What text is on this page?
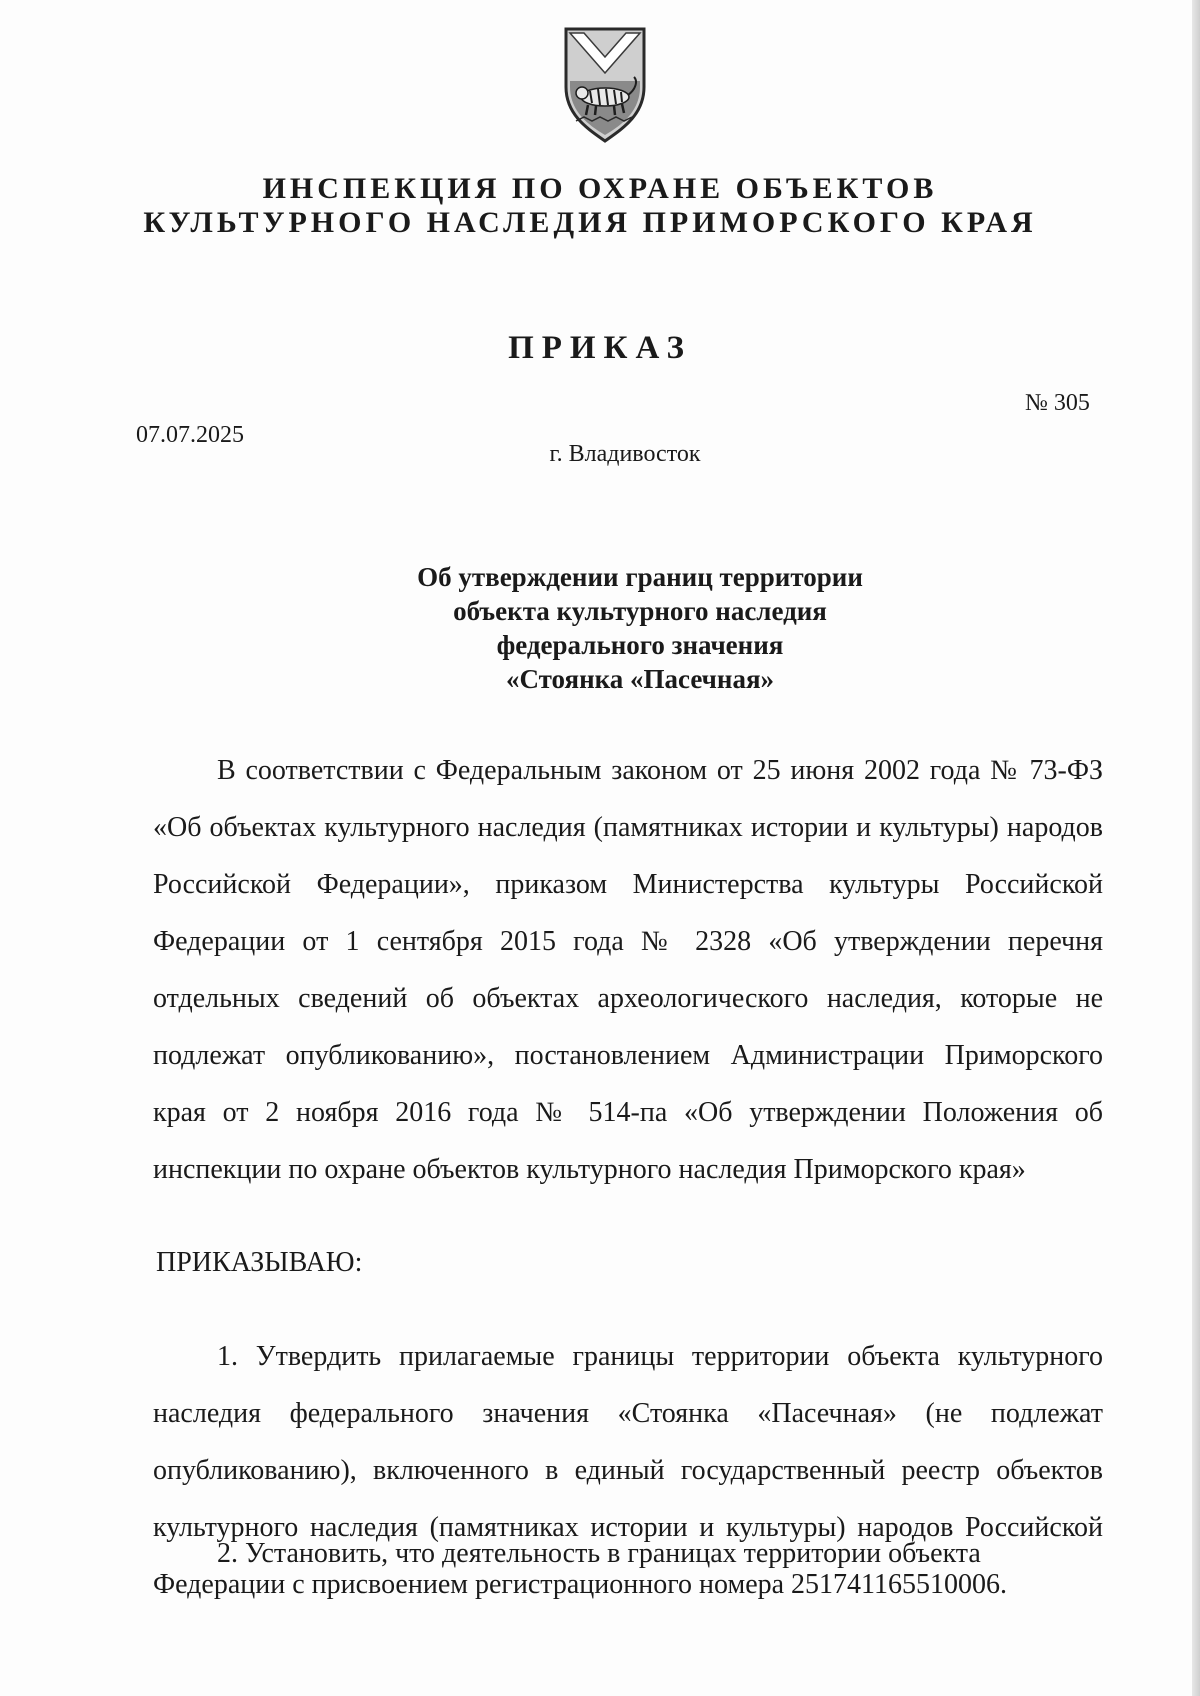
ИНСПЕКЦИЯ ПО ОХРАНЕ ОБЪЕКТОВ
КУЛЬТУРНОГО НАСЛЕДИЯ ПРИМОРСКОГО КРАЯ
ПРИКАЗ
07.07.2025
№ 305
г. Владивосток
Об утверждении границ территории
объекта культурного наследия
федерального значения
«Стоянка «Пасечная»

В соответствии с Федеральным законом от 25 июня 2002 года № 73-ФЗ «Об объектах культурного наследия (памятниках истории и культуры) народов Российской Федерации», приказом Министерства культуры Российской Федерации от 1 сентября 2015 года № 2328 «Об утверждении перечня отдельных сведений об объектах археологического наследия, которые не подлежат опубликованию», постановлением Администрации Приморского края от 2 ноября 2016 года № 514-па «Об утверждении Положения об инспекции по охране объектов культурного наследия Приморского края»

ПРИКАЗЫВАЮ:

1. Утвердить прилагаемые границы территории объекта культурного наследия федерального значения «Стоянка «Пасечная» (не подлежат опубликованию), включенного в единый государственный реестр объектов культурного наследия (памятниках истории и культуры) народов Российской Федерации с присвоением регистрационного номера 251741165510006.

2. Установить, что деятельность в границах территории объекта
